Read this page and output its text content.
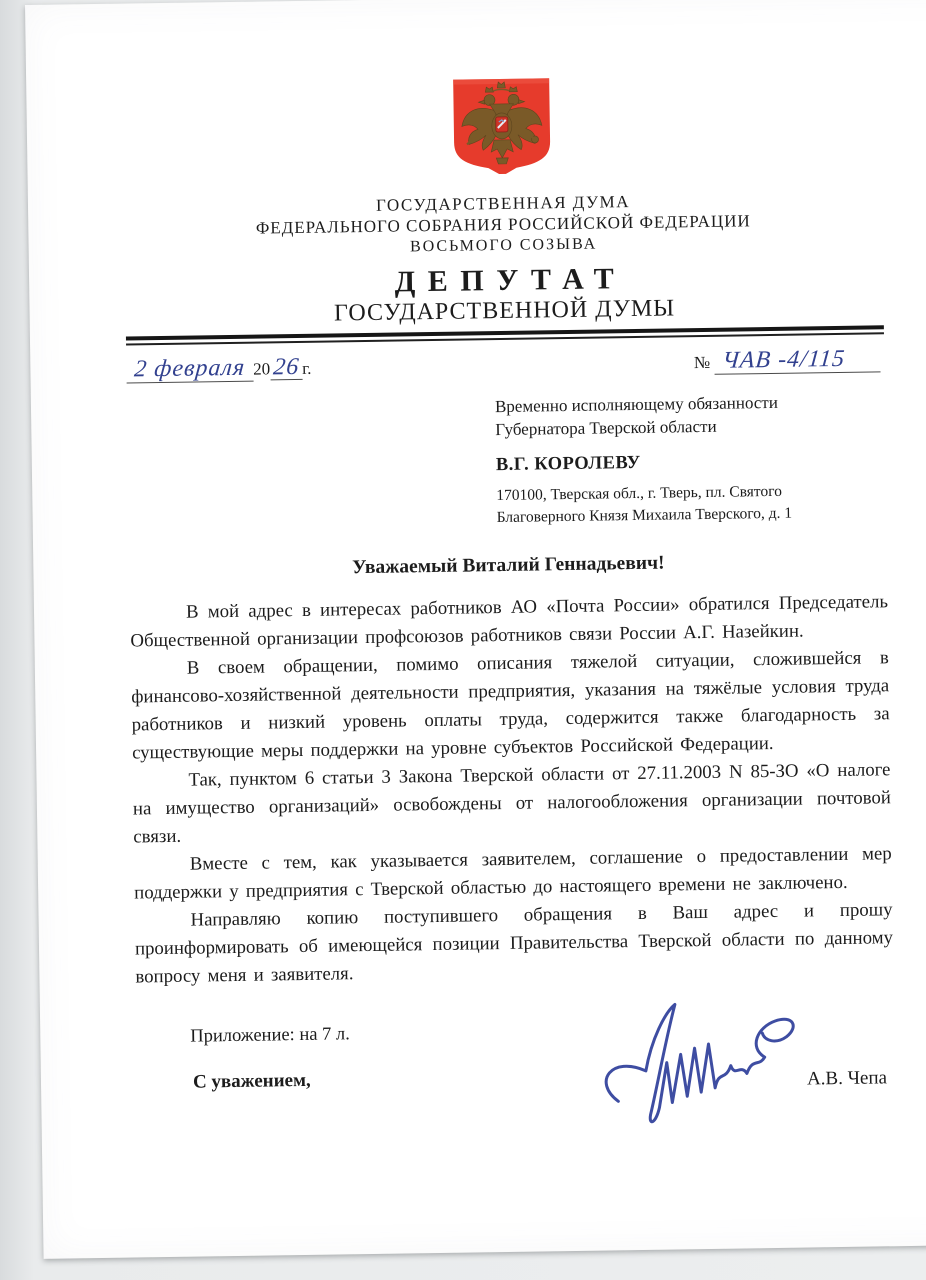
ГОСУДАРСТВЕННАЯ ДУМА
ФЕДЕРАЛЬНОГО СОБРАНИЯ РОССИЙСКОЙ ФЕДЕРАЦИИ
ВОСЬМОГО СОЗЫВА
ДЕПУТАТ
ГОСУДАРСТВЕННОЙ ДУМЫ
2 февраля 2026 г.	№ ЧАВ -4/115
Временно исполняющему обязанности
Губернатора Тверской области
В.Г. КОРОЛЕВУ
170100, Тверская обл., г. Тверь, пл. Святого
Благоверного Князя Михаила Тверского, д. 1
Уважаемый Виталий Геннадьевич!

В мой адрес в интересах работников АО «Почта России» обратился Председатель Общественной организации профсоюзов работников связи России А.Г. Назейкин.

В своем обращении, помимо описания тяжелой ситуации, сложившейся в финансово-хозяйственной деятельности предприятия, указания на тяжёлые условия труда работников и низкий уровень оплаты труда, содержится также благодарность за существующие меры поддержки на уровне субъектов Российской Федерации.

Так, пунктом 6 статьи 3 Закона Тверской области от 27.11.2003 N 85-ЗО «О налоге на имущество организаций» освобождены от налогообложения организации почтовой связи.

Вместе с тем, как указывается заявителем, соглашение о предоставлении мер поддержки у предприятия с Тверской областью до настоящего времени не заключено.

Направляю копию поступившего обращения в Ваш адрес и прошу проинформировать об имеющейся позиции Правительства Тверской области по данному вопросу меня и заявителя.

Приложение: на 7 л.
С уважением,	А.В. Чепа
